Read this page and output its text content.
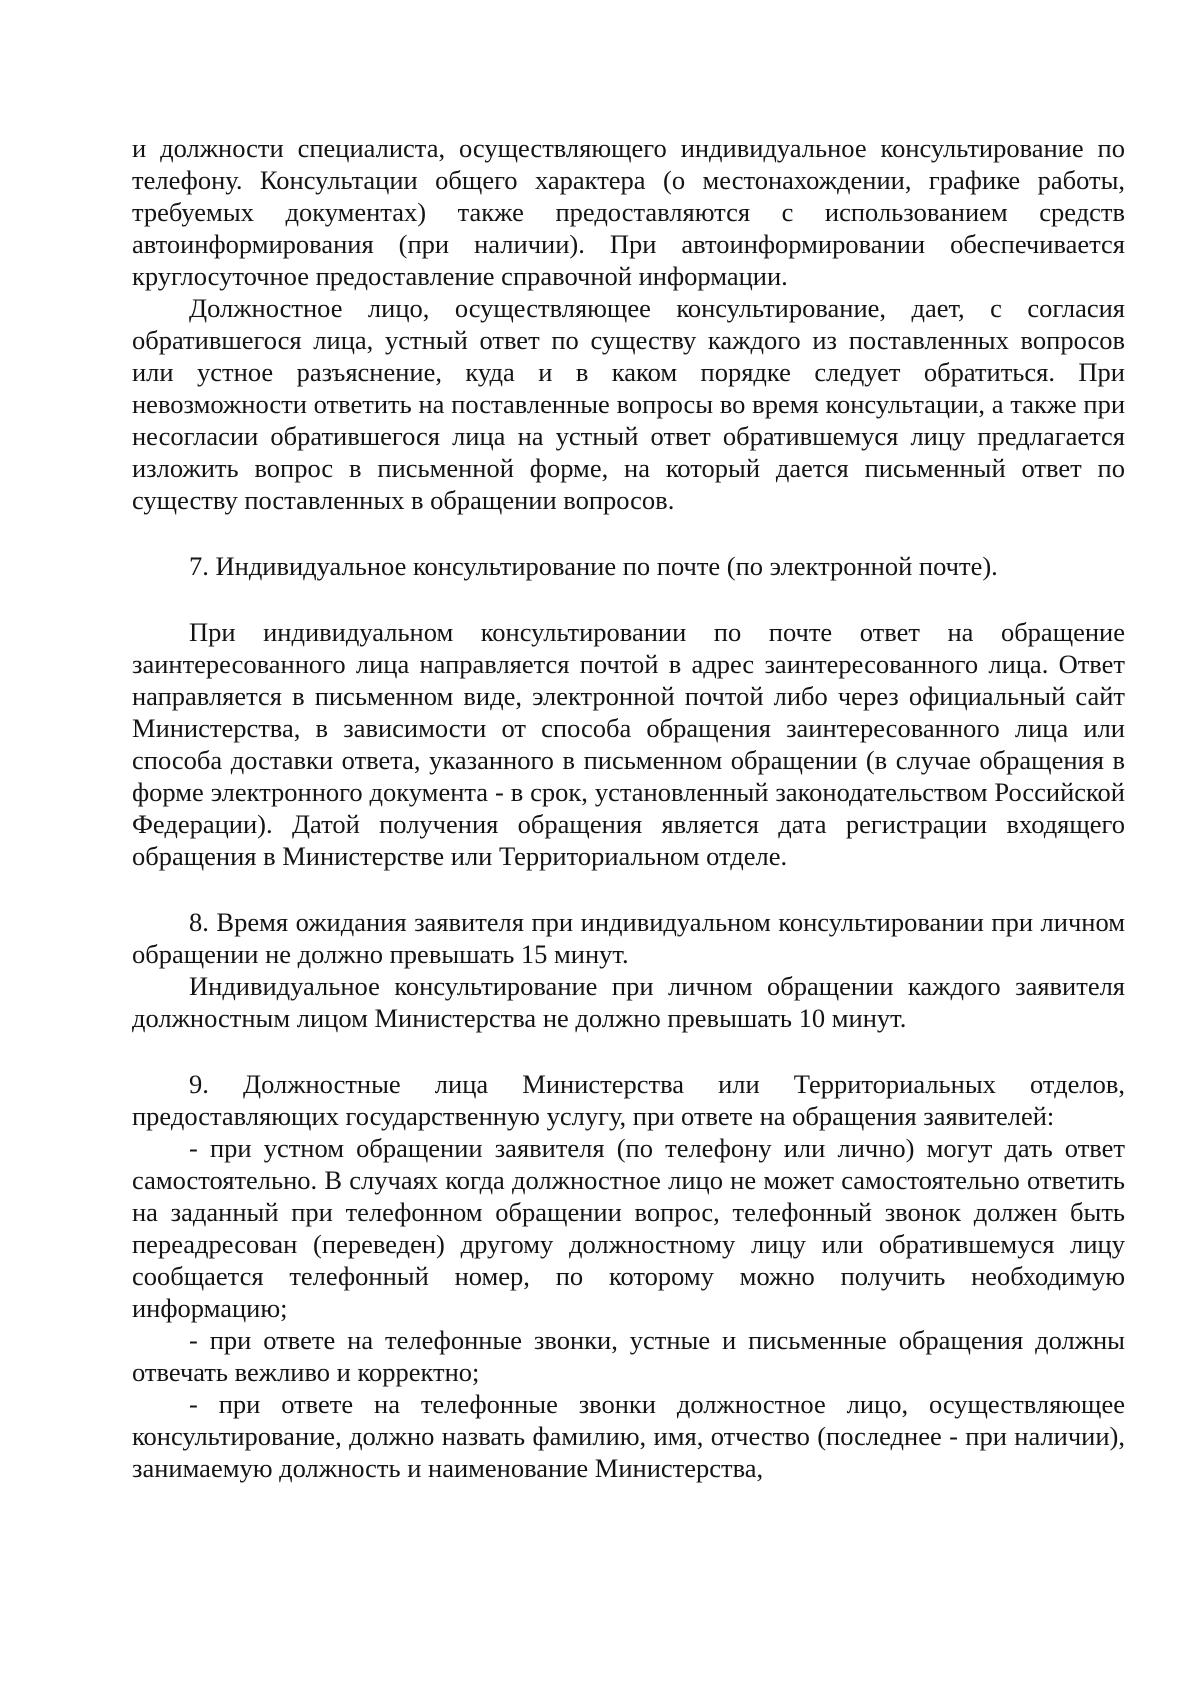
и должности специалиста, осуществляющего индивидуальное консультирование по телефону. Консультации общего характера (о местонахождении, графике работы, требуемых документах) также предоставляются с использованием средств автоинформирования (при наличии). При автоинформировании обеспечивается круглосуточное предоставление справочной информации.

Должностное лицо, осуществляющее консультирование, дает, с согласия обратившегося лица, устный ответ по существу каждого из поставленных вопросов или устное разъяснение, куда и в каком порядке следует обратиться. При невозможности ответить на поставленные вопросы во время консультации, а также при несогласии обратившегося лица на устный ответ обратившемуся лицу предлагается изложить вопрос в письменной форме, на который дается письменный ответ по существу поставленных в обращении вопросов.

7. Индивидуальное консультирование по почте (по электронной почте).

При индивидуальном консультировании по почте ответ на обращение заинтересованного лица направляется почтой в адрес заинтересованного лица. Ответ направляется в письменном виде, электронной почтой либо через официальный сайт Министерства, в зависимости от способа обращения заинтересованного лица или способа доставки ответа, указанного в письменном обращении (в случае обращения в форме электронного документа - в срок, установленный законодательством Российской Федерации). Датой получения обращения является дата регистрации входящего обращения в Министерстве или Территориальном отделе.

8. Время ожидания заявителя при индивидуальном консультировании при личном обращении не должно превышать 15 минут.

Индивидуальное консультирование при личном обращении каждого заявителя должностным лицом Министерства не должно превышать 10 минут.

9. Должностные лица Министерства или Территориальных отделов, предоставляющих государственную услугу, при ответе на обращения заявителей:

- при устном обращении заявителя (по телефону или лично) могут дать ответ самостоятельно. В случаях когда должностное лицо не может самостоятельно ответить на заданный при телефонном обращении вопрос, телефонный звонок должен быть переадресован (переведен) другому должностному лицу или обратившемуся лицу сообщается телефонный номер, по которому можно получить необходимую информацию;

- при ответе на телефонные звонки, устные и письменные обращения должны отвечать вежливо и корректно;

- при ответе на телефонные звонки должностное лицо, осуществляющее консультирование, должно назвать фамилию, имя, отчество (последнее - при наличии), занимаемую должность и наименование Министерства,
